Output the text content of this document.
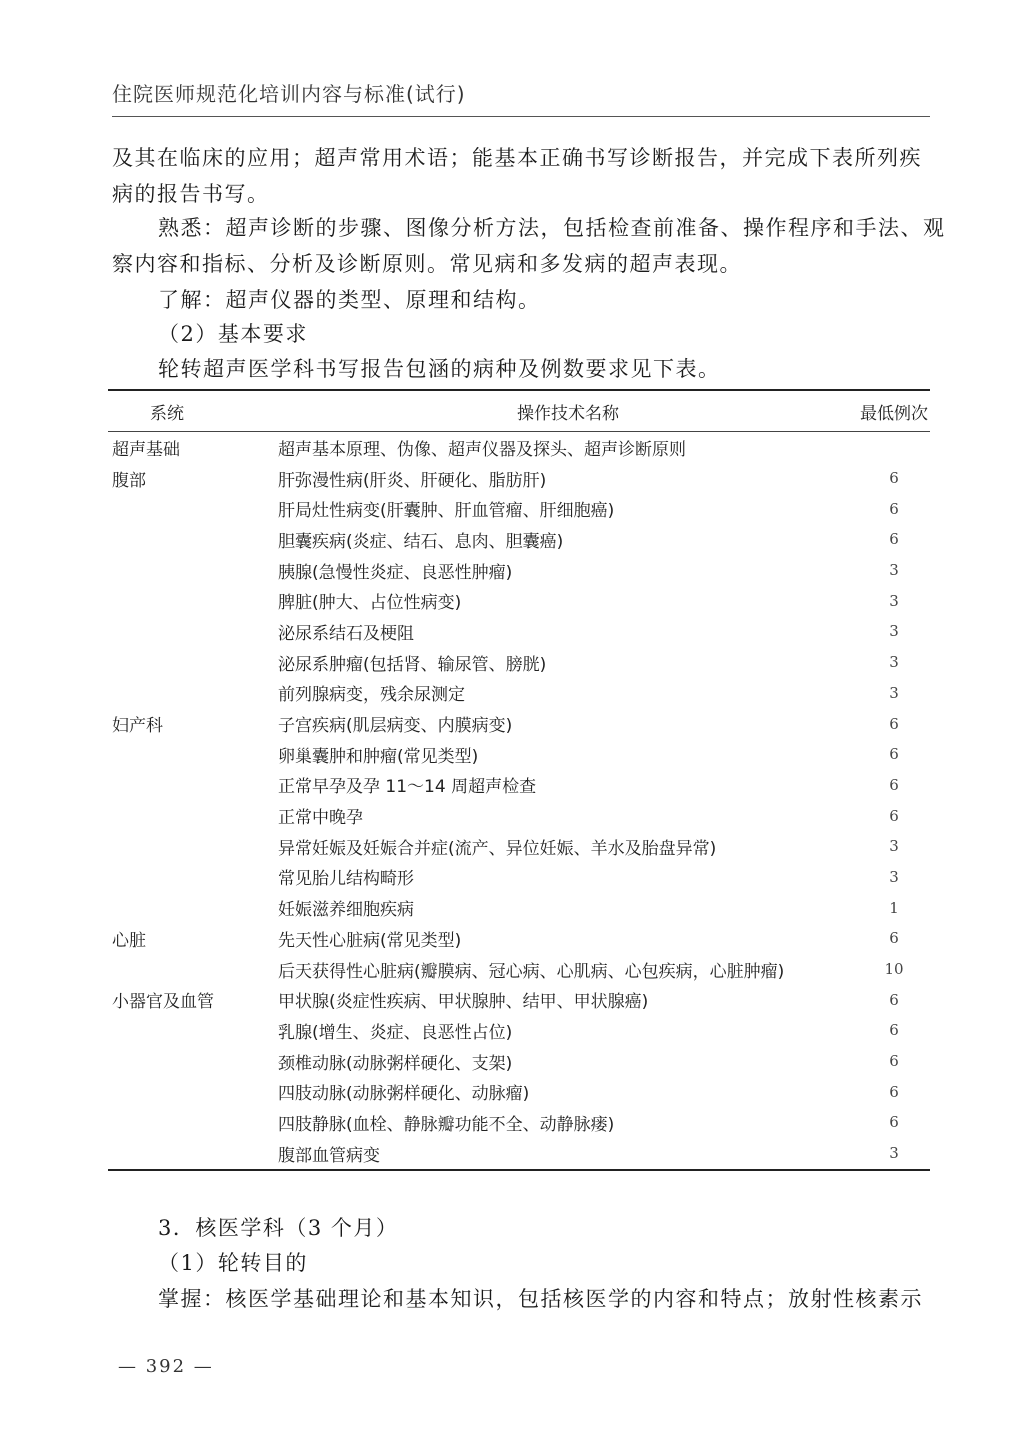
住院医师规范化培训内容与标准(试行)
及其在临床的应用；超声常用术语；能基本正确书写诊断报告，并完成下表所列疾
病的报告书写。
熟悉：超声诊断的步骤、图像分析方法，包括检查前准备、操作程序和手法、观
察内容和指标、分析及诊断原则。常见病和多发病的超声表现。
了解：超声仪器的类型、原理和结构。
（2）基本要求
轮转超声医学科书写报告包涵的病种及例数要求见下表。
系统	操作技术名称	最低例次
超声基础	超声基本原理、伪像、超声仪器及探头、超声诊断原则	
腹部	肝弥漫性病(肝炎、肝硬化、脂肪肝)	6
	肝局灶性病变(肝囊肿、肝血管瘤、肝细胞癌)	6
	胆囊疾病(炎症、结石、息肉、胆囊癌)	6
	胰腺(急慢性炎症、良恶性肿瘤)	3
	脾脏(肿大、占位性病变)	3
	泌尿系结石及梗阻	3
	泌尿系肿瘤(包括肾、输尿管、膀胱)	3
	前列腺病变，残余尿测定	3
妇产科	子宫疾病(肌层病变、内膜病变)	6
	卵巢囊肿和肿瘤(常见类型)	6
	正常早孕及孕 11～14 周超声检查	6
	正常中晚孕	6
	异常妊娠及妊娠合并症(流产、异位妊娠、羊水及胎盘异常)	3
	常见胎儿结构畸形	3
	妊娠滋养细胞疾病	1
心脏	先天性心脏病(常见类型)	6
	后天获得性心脏病(瓣膜病、冠心病、心肌病、心包疾病，心脏肿瘤)	10
小器官及血管	甲状腺(炎症性疾病、甲状腺肿、结甲、甲状腺癌)	6
	乳腺(增生、炎症、良恶性占位)	6
	颈椎动脉(动脉粥样硬化、支架)	6
	四肢动脉(动脉粥样硬化、动脉瘤)	6
	四肢静脉(血栓、静脉瓣功能不全、动静脉瘘)	6
	腹部血管病变	3
3．核医学科（3 个月）
（1）轮转目的
掌握：核医学基础理论和基本知识，包括核医学的内容和特点；放射性核素示
— 392 —
